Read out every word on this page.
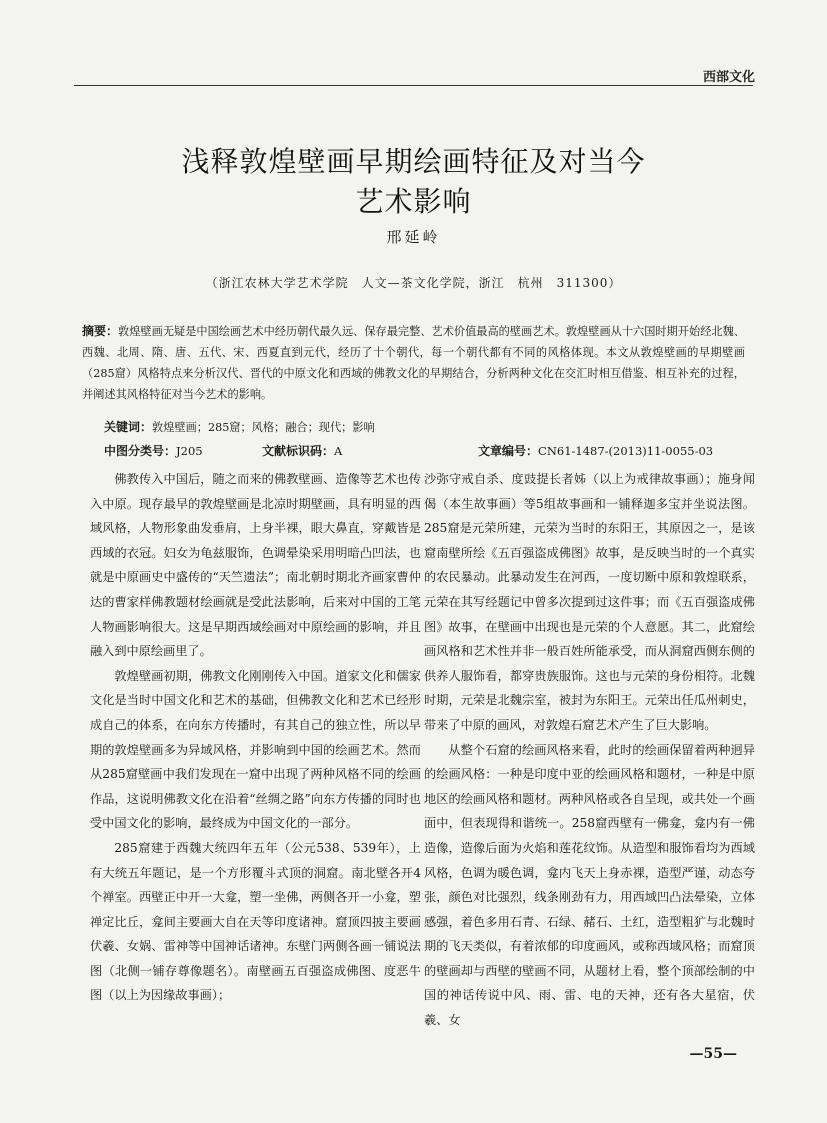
西部文化
浅释敦煌壁画早期绘画特征及对当今
艺术影响
邢延岭
（浙江农林大学艺术学院　人文—茶文化学院，浙江　杭州　311300）
摘要：敦煌壁画无疑是中国绘画艺术中经历朝代最久远、保存最完整、艺术价值最高的壁画艺术。敦煌壁画从十六国时期开始经北魏、西魏、北周、隋、唐、五代、宋、西夏直到元代，经历了十个朝代，每一个朝代都有不同的风格体现。本文从敦煌壁画的早期壁画（285窟）风格特点来分析汉代、晋代的中原文化和西域的佛教文化的早期结合，分析两种文化在交汇时相互借鉴、相互补充的过程，并阐述其风格特征对当今艺术的影响。
关键词：敦煌壁画；285窟；风格；融合；现代；影响
中图分类号：J205	文献标识码：A	文章编号：CN61-1487-(2013)11-0055-03

佛教传入中国后，随之而来的佛教壁画、造像等艺术也传入中原。现存最早的敦煌壁画是北凉时期壁画，具有明显的西域风格，人物形象曲发垂肩，上身半裸，眼大鼻直，穿戴皆是西域的衣冠。妇女为龟兹服饰，色调晕染采用明暗凸凹法，也就是中原画史中盛传的“天竺遗法”；南北朝时期北齐画家曹仲达的曹家样佛教题材绘画就是受此法影响，后来对中国的工笔人物画影响很大。这是早期西域绘画对中原绘画的影响，并且融入到中原绘画里了。

敦煌壁画初期，佛教文化刚刚传入中国。道家文化和儒家文化是当时中国文化和艺术的基础，但佛教文化和艺术已经形成自己的体系，在向东方传播时，有其自己的独立性，所以早期的敦煌壁画多为异域风格，并影响到中国的绘画艺术。然而从285窟壁画中我们发现在一窟中出现了两种风格不同的绘画作品，这说明佛教文化在沿着“丝绸之路”向东方传播的同时也受中国文化的影响，最终成为中国文化的一部分。

285窟建于西魏大统四年五年（公元538、539年），上有大统五年题记，是一个方形覆斗式顶的洞窟。南北壁各开4个禅室。西壁正中开一大龛，塑一坐佛，两侧各开一小龛，塑禅定比丘，龛间主要画大自在天等印度诸神。窟顶四披主要画伏羲、女娲、雷神等中国神话诸神。东壁门两侧各画一铺说法图（北侧一铺存尊像题名）。南壁画五百强盗成佛图、度恶牛图（以上为因缘故事画）；

沙弥守戒自杀、度豉提长者姊（以上为戒律故事画）；施身闻偈（本生故事画）等5组故事画和一铺释迦多宝并坐说法图。285窟是元荣所建，元荣为当时的东阳王，其原因之一，是该窟南壁所绘《五百强盗成佛图》故事，是反映当时的一个真实的农民暴动。此暴动发生在河西，一度切断中原和敦煌联系，元荣在其写经题记中曾多次提到过这件事；而《五百强盗成佛图》故事，在壁画中出现也是元荣的个人意愿。其二，此窟绘画风格和艺术性并非一般百姓所能承受，而从洞窟西侧东侧的供养人服饰看，都穿贵族服饰。这也与元荣的身份相符。北魏时期，元荣是北魏宗室，被封为东阳王。元荣出任瓜州刺史，带来了中原的画风，对敦煌石窟艺术产生了巨大影响。

从整个石窟的绘画风格来看，此时的绘画保留着两种迥异的绘画风格：一种是印度中亚的绘画风格和题材，一种是中原地区的绘画风格和题材。两种风格或各自呈现，或共处一个画面中，但表现得和谐统一。258窟西壁有一佛龛，龛内有一佛造像，造像后面为火焰和莲花纹饰。从造型和服饰看均为西域风格，色调为暖色调，龛内飞天上身赤裸，造型严谨，动态夸张，颜色对比强烈，线条刚劲有力，用西域凹凸法晕染，立体感强，着色多用石青、石绿、赭石、土红，造型粗犷与北魏时期的飞天类似，有着浓郁的印度画风，或称西域风格；而窟顶的壁画却与西壁的壁画不同，从题材上看，整个顶部绘制的中国的神话传说中风、雨、雷、电的天神，还有各大星宿，伏羲、女

—55—
